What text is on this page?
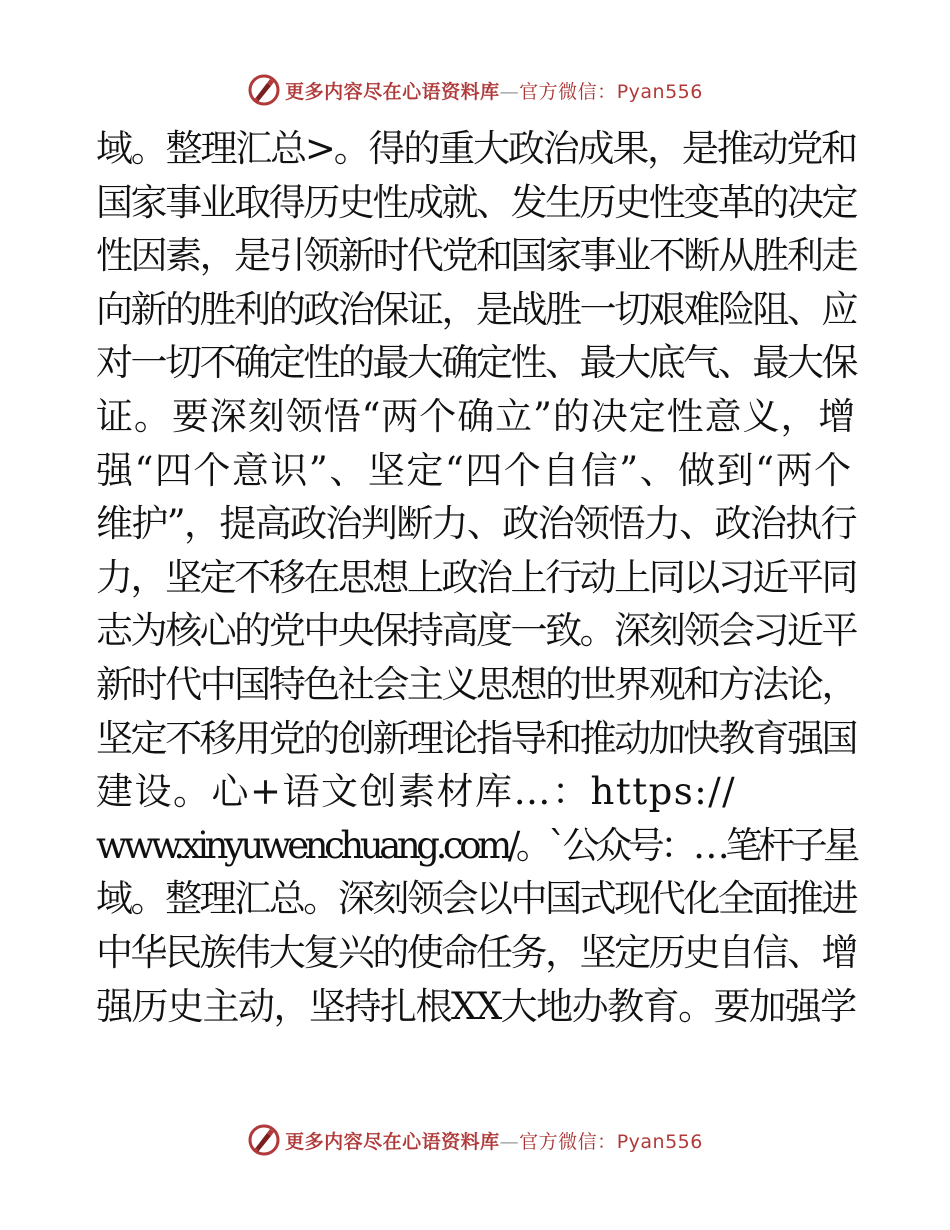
更多内容尽在心语资料库—官方微信：Pyan556
域。整理汇总>。得的重大政治成果，是推动党和
国家事业取得历史性成就、发生历史性变革的决定
性因素，是引领新时代党和国家事业不断从胜利走
向新的胜利的政治保证，是战胜一切艰难险阻、应
对一切不确定性的最大确定性、最大底气、最大保
证。要深刻领悟“两个确立”的决定性意义，增
强“四个意识”、坚定“四个自信”、做到“两个
维护”，提高政治判断力、政治领悟力、政治执行
力，坚定不移在思想上政治上行动上同以习近平同
志为核心的党中央保持高度一致。深刻领会习近平
新时代中国特色社会主义思想的世界观和方法论，
坚定不移用党的创新理论指导和推动加快教育强国
建设。心+语文创素材库…：https://
www.xinyuwenchuang.com/。`公众号：…笔杆子星
域。整理汇总。深刻领会以中国式现代化全面推进
中华民族伟大复兴的使命任务，坚定历史自信、增
强历史主动，坚持扎根XX大地办教育。要加强学
更多内容尽在心语资料库—官方微信：Pyan556
